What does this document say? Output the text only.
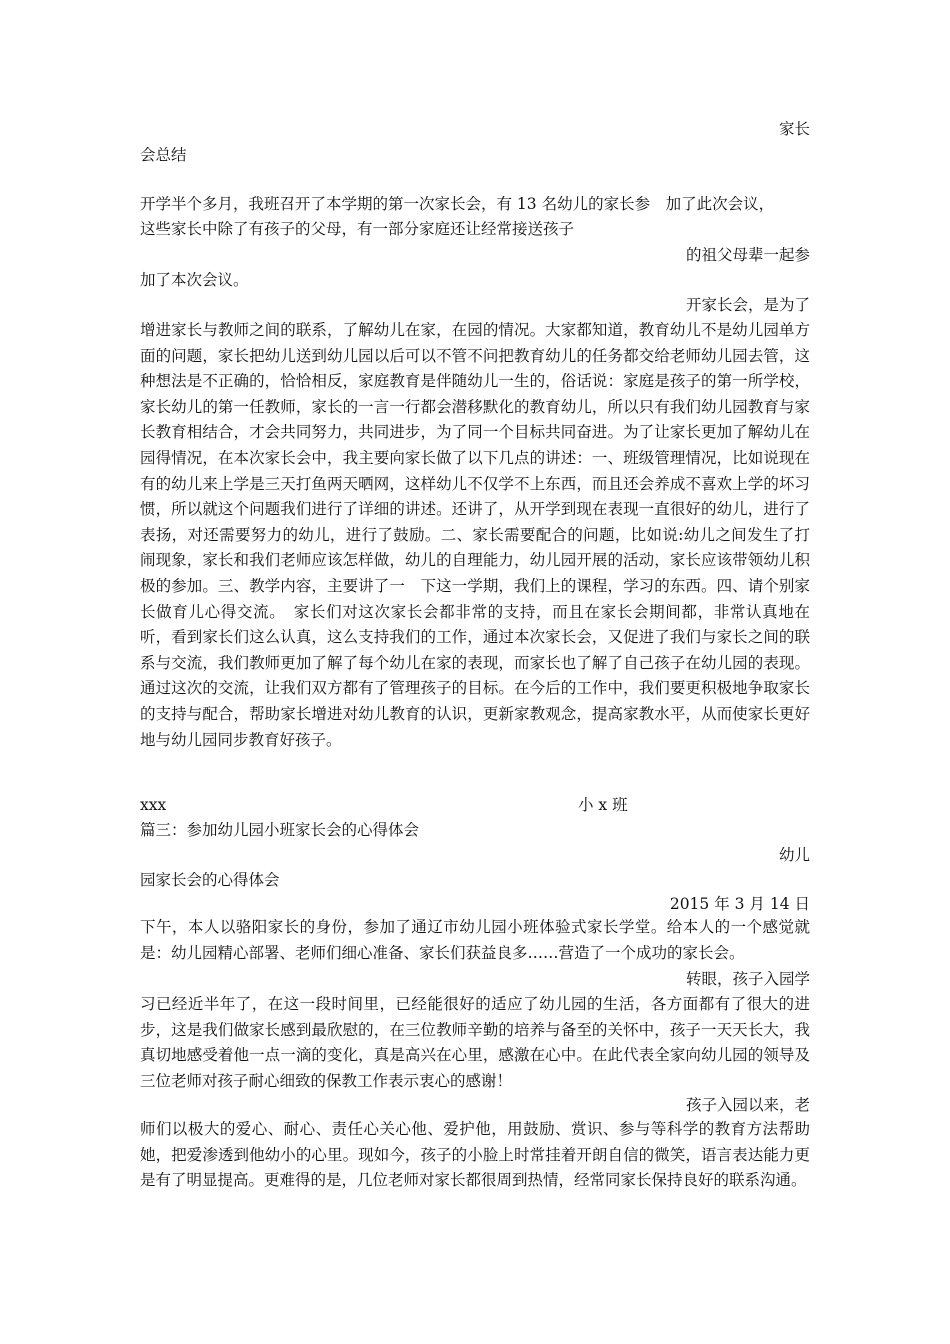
家长
会总结
开学半个多月，我班召开了本学期的第一次家长会，有 13 名幼儿的家长参　加了此次会议，
这些家长中除了有孩子的父母，有一部分家庭还让经常接送孩子
的祖父母辈一起参
加了本次会议。
开家长会，是为了
增进家长与教师之间的联系，了解幼儿在家，在园的情况。大家都知道，教育幼儿不是幼儿园单方面的问题，家长把幼儿送到幼儿园以后可以不管不问把教育幼儿的任务都交给老师幼儿园去管，这种想法是不正确的，恰恰相反，家庭教育是伴随幼儿一生的，俗话说：家庭是孩子的第一所学校，家长幼儿的第一任教师，家长的一言一行都会潜移默化的教育幼儿，所以只有我们幼儿园教育与家长教育相结合，才会共同努力，共同进步，为了同一个目标共同奋进。为了让家长更加了解幼儿在园得情况，在本次家长会中，我主要向家长做了以下几点的讲述：一、班级管理情况，比如说现在有的幼儿来上学是三天打鱼两天晒网，这样幼儿不仅学不上东西，而且还会养成不喜欢上学的坏习惯，所以就这个问题我们进行了详细的讲述。还讲了，从开学到现在表现一直很好的幼儿，进行了表扬，对还需要努力的幼儿，进行了鼓励。二、家长需要配合的问题，比如说:幼儿之间发生了打闹现象，家长和我们老师应该怎样做，幼儿的自理能力，幼儿园开展的活动，家长应该带领幼儿积极的参加。三、教学内容，主要讲了一　下这一学期，我们上的课程，学习的东西。四、请个别家长做育儿心得交流。　家长们对这次家长会都非常的支持，而且在家长会期间都，非常认真地在听，看到家长们这么认真，这么支持我们的工作，通过本次家长会，又促进了我们与家长之间的联系与交流，我们教师更加了解了每个幼儿在家的表现，而家长也了解了自己孩子在幼儿园的表现。通过这次的交流，让我们双方都有了管理孩子的目标。在今后的工作中，我们要更积极地争取家长的支持与配合，帮助家长增进对幼儿教育的认识，更新家教观念，提高家教水平，从而使家长更好地与幼儿园同步教育好孩子。
xxx	小 x 班
篇三：参加幼儿园小班家长会的心得体会
幼儿
园家长会的心得体会
2015 年 3 月 14 日
下午，本人以骆阳家长的身份，参加了通辽市幼儿园小班体验式家长学堂。给本人的一个感觉就是：幼儿园精心部署、老师们细心准备、家长们获益良多……营造了一个成功的家长会。
转眼，孩子入园学
习已经近半年了，在这一段时间里，已经能很好的适应了幼儿园的生活，各方面都有了很大的进步，这是我们做家长感到最欣慰的，在三位教师辛勤的培养与备至的关怀中，孩子一天天长大，我真切地感受着他一点一滴的变化，真是高兴在心里，感激在心中。在此代表全家向幼儿园的领导及三位老师对孩子耐心细致的保教工作表示衷心的感谢！
孩子入园以来，老
师们以极大的爱心、耐心、责任心关心他、爱护他，用鼓励、赏识、参与等科学的教育方法帮助她，把爱渗透到他幼小的心里。现如今，孩子的小脸上时常挂着开朗自信的微笑，语言表达能力更是有了明显提高。更难得的是，几位老师对家长都很周到热情，经常同家长保持良好的联系沟通。
